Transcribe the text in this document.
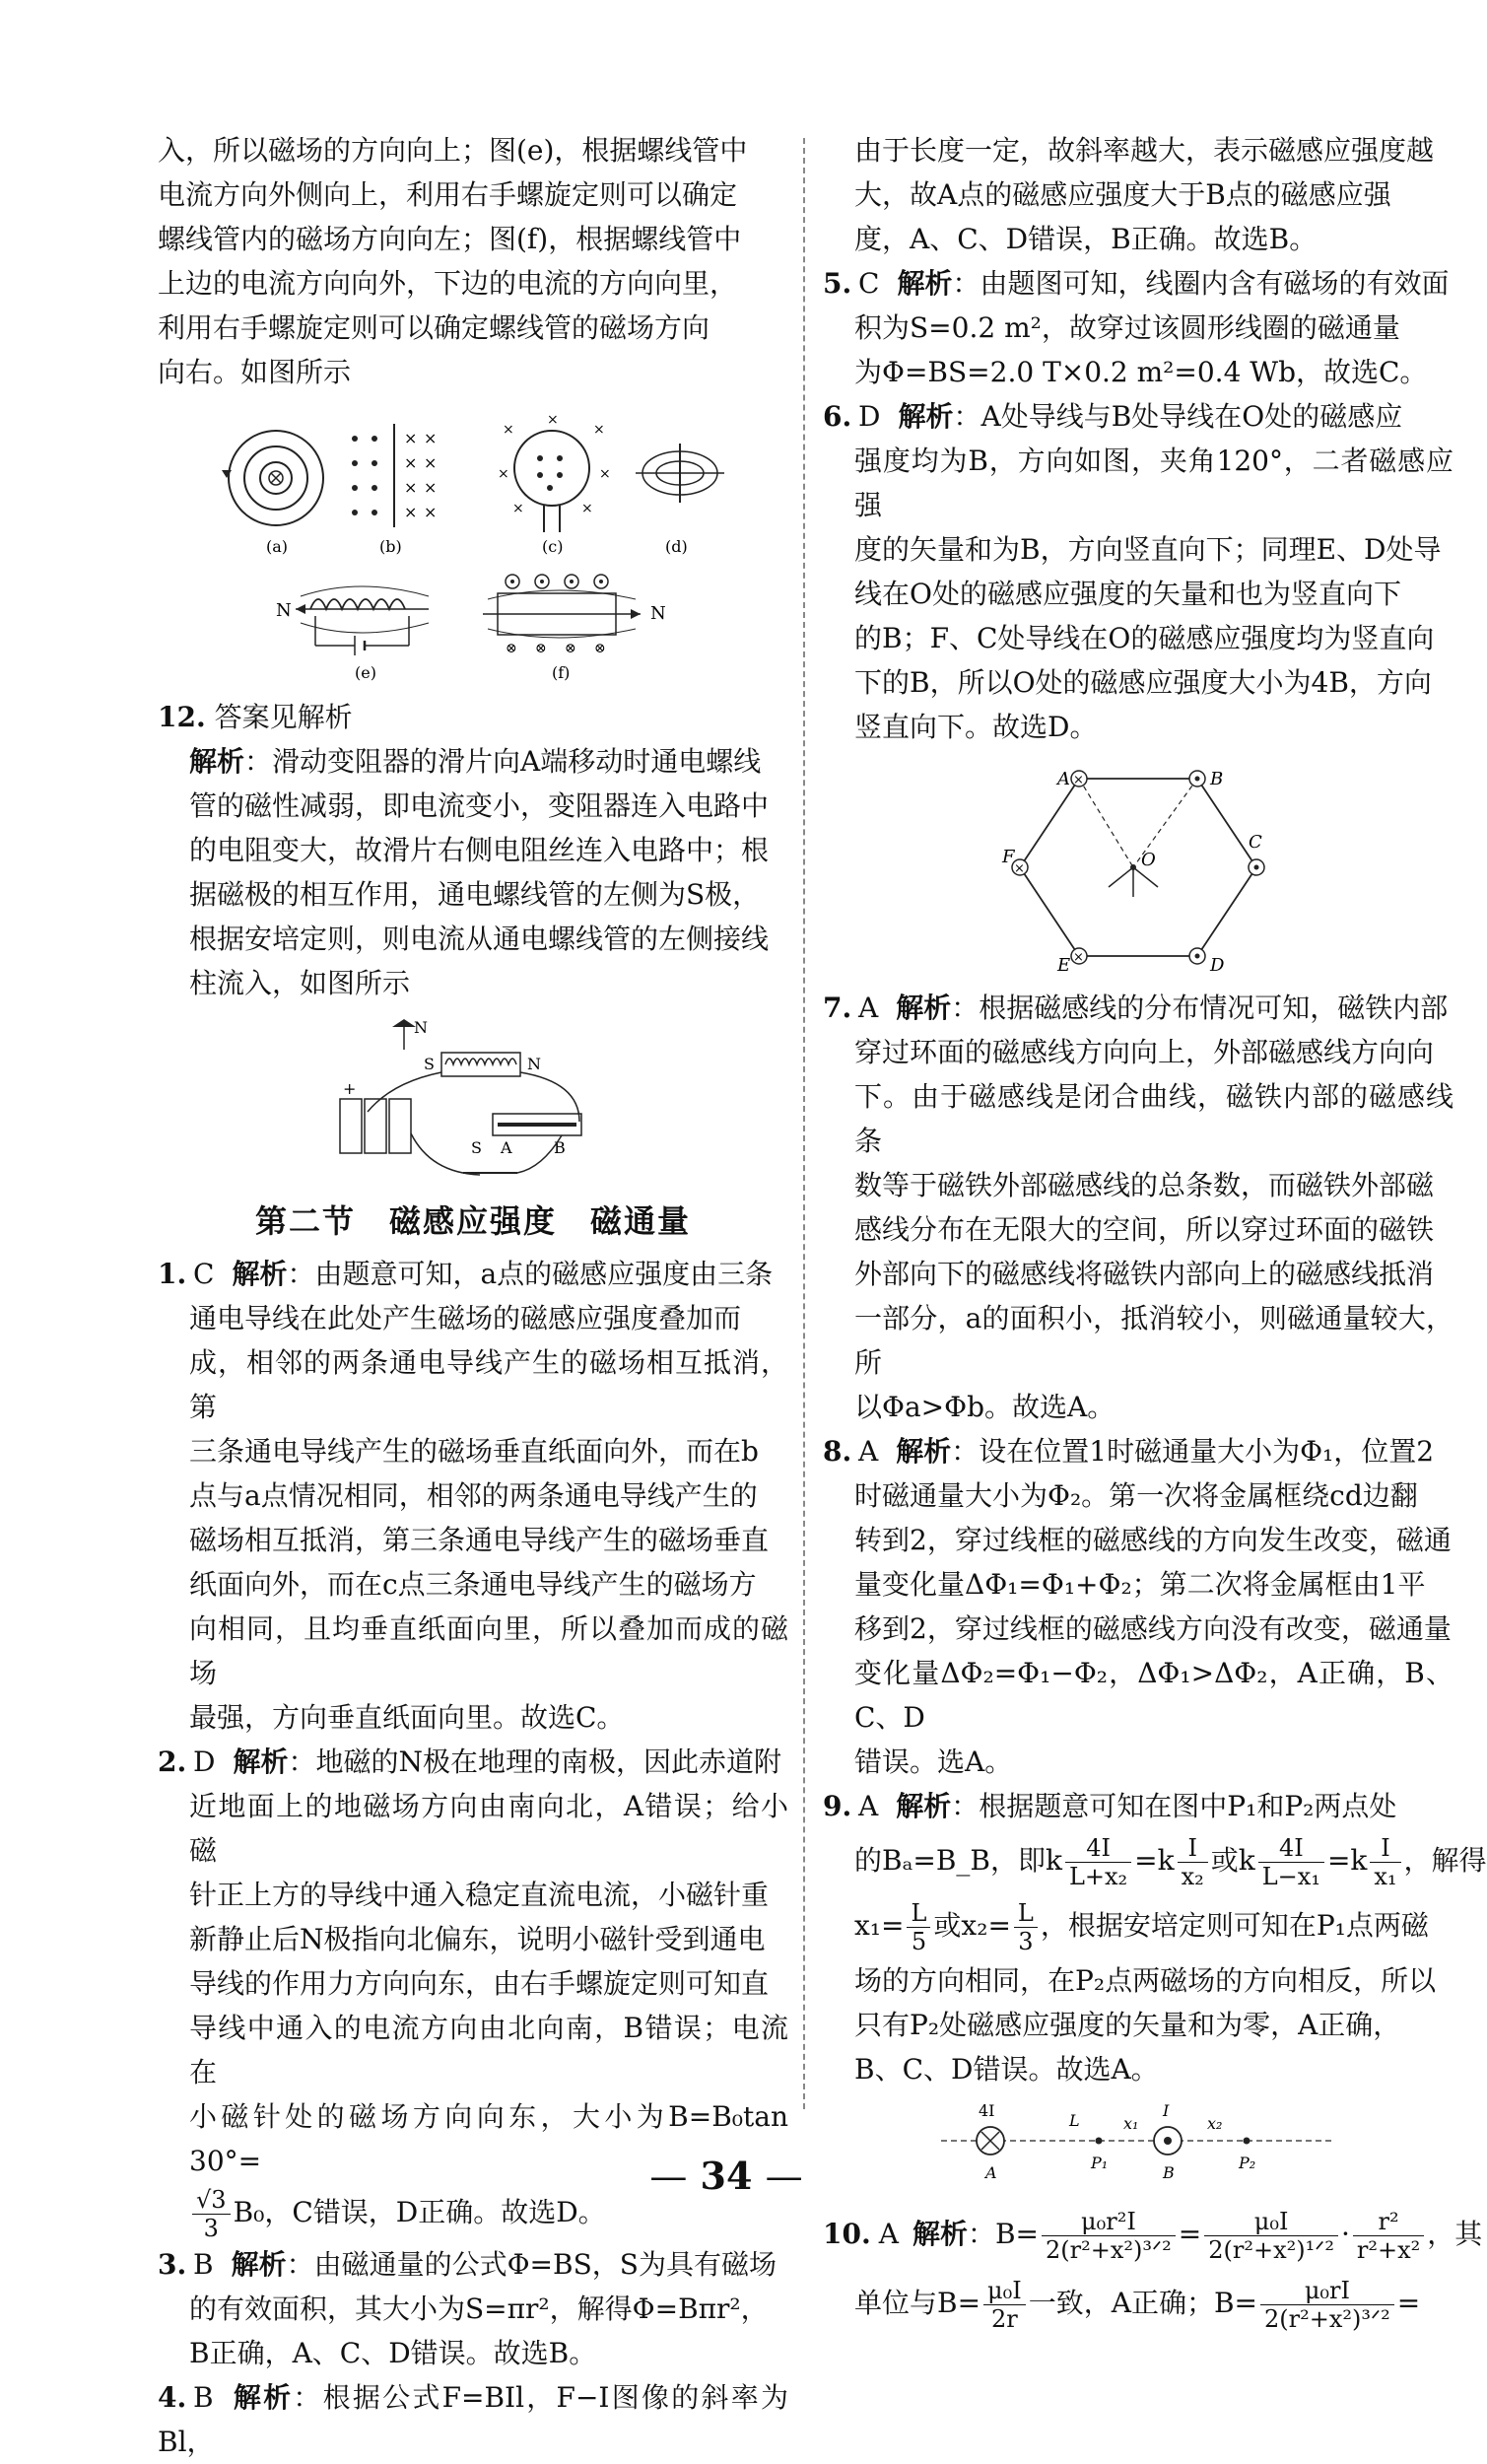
入，所以磁场的方向向上；图(e)，根据螺线管中

电流方向外侧向上，利用右手螺旋定则可以确定

螺线管内的磁场方向向左；图(f)，根据螺线管中

上边的电流方向向外，下边的电流的方向向里，

利用右手螺旋定则可以确定螺线管的磁场方向

向右。如图所示

(a)
× ×
× ×
× ×
× ×
(b)
×
×
×
×	×
×	×
(c)	(d)
N
(e)
⊗ ⊗ ⊗ ⊗
N
(f)
12. 答案见解析

解析：滑动变阻器的滑片向A端移动时通电螺线

管的磁性减弱，即电流变小，变阻器连入电路中

的电阻变大，故滑片右侧电阻丝连入电路中；根

据磁极的相互作用，通电螺线管的左侧为S极，

根据安培定则，则电流从通电螺线管的左侧接线

柱流入，如图所示

N
S	N
+
A	B
S
第二节　磁感应强度　磁通量

1. C 解析：由题意可知，a点的磁感应强度由三条

通电导线在此处产生磁场的磁感应强度叠加而

成，相邻的两条通电导线产生的磁场相互抵消，第

三条通电导线产生的磁场垂直纸面向外，而在b

点与a点情况相同，相邻的两条通电导线产生的

磁场相互抵消，第三条通电导线产生的磁场垂直

纸面向外，而在c点三条通电导线产生的磁场方

向相同，且均垂直纸面向里，所以叠加而成的磁场

最强，方向垂直纸面向里。故选C。

2. D 解析：地磁的N极在地理的南极，因此赤道附

近地面上的地磁场方向由南向北，A错误；给小磁

针正上方的导线中通入稳定直流电流，小磁针重

新静止后N极指向北偏东，说明小磁针受到通电

导线的作用力方向向东，由右手螺旋定则可知直

导线中通入的电流方向由北向南，B错误；电流在

小磁针处的磁场方向向东，大小为B=B₀tan 30°=

$\frac{√3}{3} B_0$，C错误，D正确。故选D。

3. B 解析：由磁通量的公式Φ=BS，S为具有磁场

的有效面积，其大小为S=πr²，解得Φ=Bπr²，

B正确，A、C、D错误。故选B。

4. B 解析：根据公式F=BIl，F−I图像的斜率为Bl，

由于长度一定，故斜率越大，表示磁感应强度越

大，故A点的磁感应强度大于B点的磁感应强

度，A、C、D错误，B正确。故选B。

5. C 解析：由题图可知，线圈内含有磁场的有效面

积为S=0.2 m²，故穿过该圆形线圈的磁通量

为Φ=BS=2.0 T×0.2 m²=0.4 Wb，故选C。

6. D 解析：A处导线与B处导线在O处的磁感应

强度均为B，方向如图，夹角120°，二者磁感应强

度的矢量和为B，方向竖直向下；同理E、D处导

线在O处的磁感应强度的矢量和也为竖直向下

的B；F、C处导线在O的磁感应强度均为竖直向

下的B，所以O处的磁感应强度大小为4B，方向

竖直向下。故选D。

×
×
×
A	B
C
D
E
F	O

7. A 解析：根据磁感线的分布情况可知，磁铁内部

穿过环面的磁感线方向向上，外部磁感线方向向

下。由于磁感线是闭合曲线，磁铁内部的磁感线条

数等于磁铁外部磁感线的总条数，而磁铁外部磁

感线分布在无限大的空间，所以穿过环面的磁铁

外部向下的磁感线将磁铁内部向上的磁感线抵消

一部分，a的面积小，抵消较小，则磁通量较大，所

以Φa>Φb。故选A。

8. A 解析：设在位置1时磁通量大小为Φ₁，位置2

时磁通量大小为Φ₂。第一次将金属框绕cd边翻

转到2，穿过线框的磁感线的方向发生改变，磁通

量变化量ΔΦ₁=Φ₁+Φ₂；第二次将金属框由1平

移到2，穿过线框的磁感线方向没有改变，磁通量

变化量ΔΦ₂=Φ₁−Φ₂，ΔΦ₁>ΔΦ₂，A正确，B、C、D

错误。选A。

9. A 解析：根据题意可知在图中P₁和P₂两点处

的Bₐ=B_B，即k $\frac{4I}{\text{L+x₂}} =k \frac{I}{\text{x₂}}$ 或k $\frac{4I}{\text{L−x₁}} =k \frac{I}{\text{x₁}}$ ，解得

$x_1= \frac{L}{5}$ 或$x_2= \frac{L}{3}$ ，根据安培定则可知在P₁点两磁

场的方向相同，在P₂点两磁场的方向相反，所以

只有P₂处磁感应强度的矢量和为零，A正确，

B、C、D错误。故选A。

4I
L	x₁
I
x₂
A
P₁
B
P₂

10. A 解析：$B= \frac{\text{μ₀r²I}}{\text{2(r²+x²)³ᐟ²}} = \frac{\text{μ₀I}}{\text{2(r²+x²)¹ᐟ²}} \cdot \frac{\text{r²}}{\text{r²+x²}}$ ，其

单位与$B= \frac{\text{μ₀I}}{2r}$ 一致，A正确；$B= \frac{\text{μ₀rI}}{\text{2(r²+x²)³ᐟ²}}$ =

— 34 —
